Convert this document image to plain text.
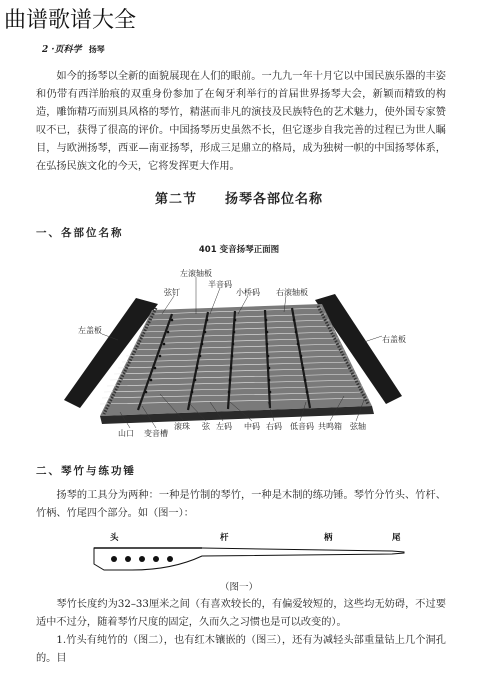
曲谱歌谱大全
2 ·页科学 扬琴
如今的扬琴以全新的面貌展现在人们的眼前。一九九一年十月它以中国民族乐器的丰姿和仍带有西洋胎痕的双重身份参加了在匈牙利举行的首届世界扬琴大会，新颖而精致的构造，雕饰精巧而别具风格的琴竹，精湛而非凡的演技及民族特色的艺术魅力，使外国专家赞叹不已，获得了很高的评价。中国扬琴历史虽然不长，但它逐步自我完善的过程已为世人瞩目，与欧洲扬琴，西亚—南亚扬琴，形成三足鼎立的格局，成为独树一帜的中国扬琴体系，在弘扬民族文化的今天，它将发挥更大作用。
第二节 扬琴各部位名称
一、各部位名称
401 变音扬琴正面图
左滚轴板
半音码
弦钉	小桥码 右滚轴板
左盖板
右盖板
山口 变音槽
滚珠 弦 左码 中码 右码 低音码 共鸣箱 弦轴
二、琴竹与练功锤
扬琴的工具分为两种：一种是竹制的琴竹，一种是木制的练功锤。琴竹分竹头、竹杆、竹柄、竹尾四个部分。如（图一）：
头	杆	柄	尾
（图一）
琴竹长度约为32–33厘米之间（有喜欢较长的，有偏爱较短的，这些均无妨碍，不过要适中不过分，随着琴竹尺度的固定，久而久之习惯也是可以改变的）。
1.竹头有纯竹的（图二），也有红木镶嵌的（图三），还有为减轻头部重量钻上几个洞孔的。目
